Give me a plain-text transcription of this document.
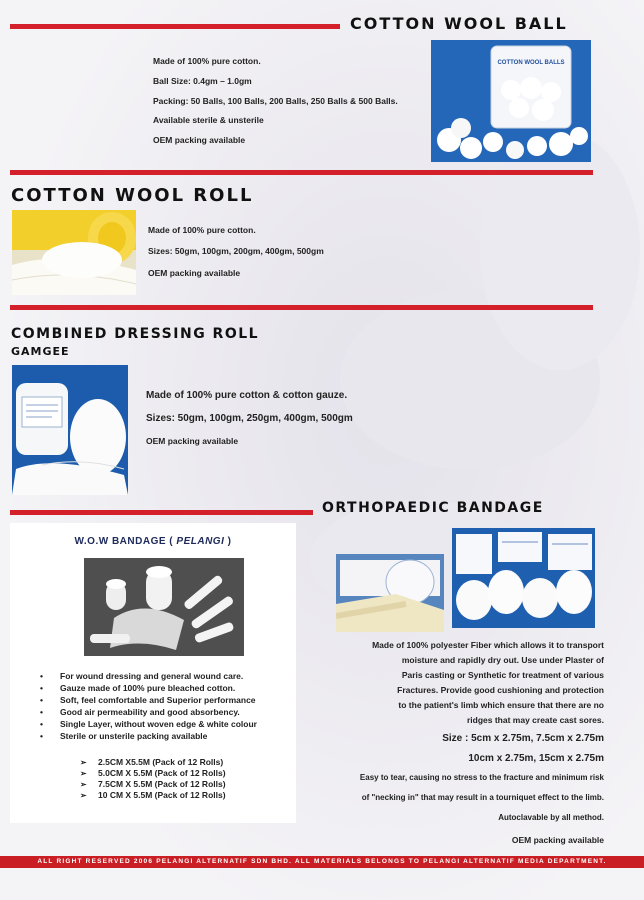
COTTON WOOL BALL
Made of 100% pure cotton.
Ball Size: 0.4gm – 1.0gm
Packing: 50 Balls, 100 Balls, 200 Balls, 250 Balls & 500 Balls.
Available sterile & unsterile
OEM packing available
COTTON WOOL BALLS
COTTON WOOL ROLL
Made of 100% pure cotton.
Sizes: 50gm, 100gm, 200gm, 400gm, 500gm
OEM packing available
COMBINED DRESSING ROLL
GAMGEE
Made of 100% pure cotton & cotton gauze.
Sizes: 50gm, 100gm, 250gm, 400gm, 500gm
OEM packing available
ORTHOPAEDIC BANDAGE

Made of 100% polyester Fiber which allows it to transport

moisture and rapidly dry out. Use under Plaster of

Paris casting or Synthetic for treatment of various

Fractures. Provide good cushioning and protection

to the patient's limb which ensure that there are no

ridges that may create cast sores.

Size : 5cm x 2.75m, 7.5cm x 2.75m

10cm x 2.75m, 15cm x 2.75m

Easy to tear, causing no stress to the fracture and minimum risk

of "necking in" that may result in a tourniquet effect to the limb.

Autoclavable by all method.

OEM packing available

W.O.W BANDAGE ( PELANGI )
• For wound dressing and general wound care.
• Gauze made of 100% pure bleached cotton.
• Soft, feel comfortable and Superior performance
• Good air permeability and good absorbency.
• Single Layer, without woven edge & white colour
• Sterile or unsterile packing available
➢ 2.5CM X5.5M (Pack of 12 Rolls)
➢ 5.0CM X 5.5M (Pack of 12 Rolls)
➢ 7.5CM X 5.5M (Pack of 12 Rolls)
➢ 10 CM X 5.5M (Pack of 12 Rolls)
ALL RIGHT RESERVED 2006 PELANGI ALTERNATIF SDN BHD. ALL MATERIALS BELONGS TO PELANGI ALTERNATIF MEDIA DEPARTMENT.
